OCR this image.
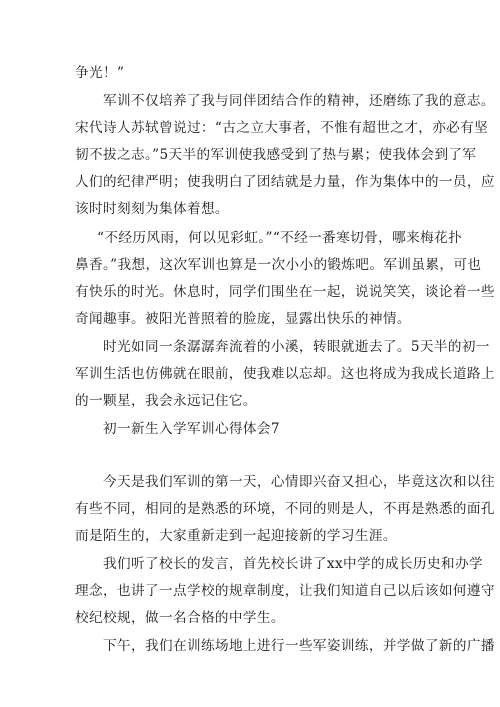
争光！”
军训不仅培养了我与同伴团结合作的精神，还磨练了我的意志。
宋代诗人苏轼曾说过：“古之立大事者，不惟有超世之才，亦必有坚
韧不拔之志。”5天半的军训使我感受到了热与累；使我体会到了军
人们的纪律严明；使我明白了团结就是力量，作为集体中的一员，应
该时时刻刻为集体着想。
“不经历风雨，何以见彩虹。”“不经一番寒切骨，哪来梅花扑
鼻香。”我想，这次军训也算是一次小小的锻炼吧。军训虽累，可也
有快乐的时光。休息时，同学们围坐在一起，说说笑笑，谈论着一些
奇闻趣事。被阳光普照着的脸庞，显露出快乐的神情。
时光如同一条潺潺奔流着的小溪，转眼就逝去了。5天半的初一
军训生活也仿佛就在眼前，使我难以忘却。这也将成为我成长道路上
的一颗星，我会永远记住它。
初一新生入学军训心得体会7
今天是我们军训的第一天，心情即兴奋又担心，毕竟这次和以往
有些不同，相同的是熟悉的环境，不同的则是人，不再是熟悉的面孔
而是陌生的，大家重新走到一起迎接新的学习生涯。
我们听了校长的发言，首先校长讲了xx中学的成长历史和办学
理念，也讲了一点学校的规章制度，让我们知道自己以后该如何遵守
校纪校规，做一名合格的中学生。
下午，我们在训练场地上进行一些军姿训练，并学做了新的广播
